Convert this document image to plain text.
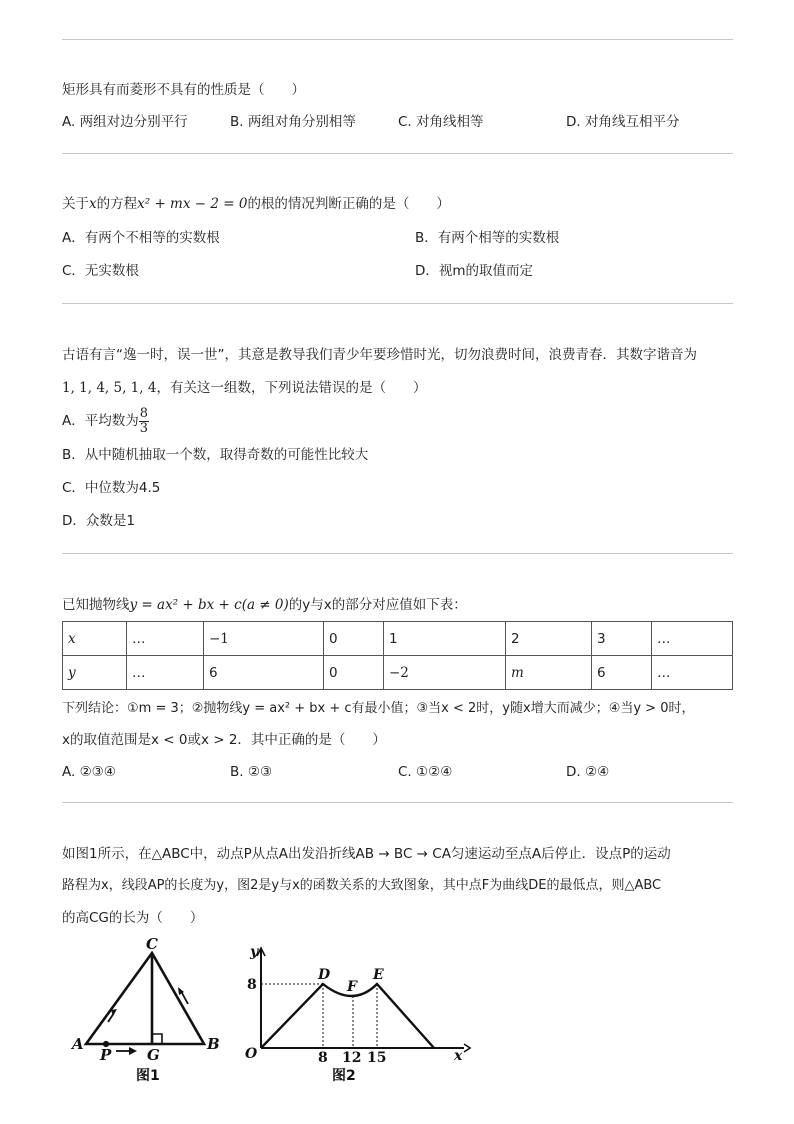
矩形具有而菱形不具有的性质是（　　）
A. 两组对边分别平行	B. 两组对角分别相等	C. 对角线相等	D. 对角线互相平分
关于x的方程x² + mx − 2 = 0的根的情况判断正确的是（　　）
A．有两个不相等的实数根	B．有两个相等的实数根
C．无实数根	D．视m的取值而定
古语有言“逸一时，误一世”，其意是教导我们青少年要珍惜时光，切勿浪费时间，浪费青春．其数字谐音为
1, 1, 4, 5, 1, 4，有关这一组数，下列说法错误的是（　　）
A．平均数为 $\frac{8}{3}$
B．从中随机抽取一个数，取得奇数的可能性比较大
C．中位数为4.5
D．众数是1
已知抛物线y = ax² + bx + c(a ≠ 0)的y与x的部分对应值如下表：
x	…	−1	0	1	2	3	…
y	…	6	0	−2	m	6	…
下列结论：①m = 3；②抛物线y = ax² + bx + c有最小值；③当x < 2时，y随x增大而减少；④当y > 0时，
x的取值范围是x < 0或x > 2．其中正确的是（　　）
A. ②③④	B. ②③	C. ①②④	D. ②④
如图1所示，在△ABC中，动点P从点A出发沿折线AB → BC → CA匀速运动至点A后停止．设点P的运动
路程为x，线段AP的长度为y，图2是y与x的函数关系的大致图象，其中点F为曲线DE的最低点，则△ABC
的高CG的长为（　　）
C
A
P G
B
图1
y
8
D
F
E
O	8 12 15	x
图2
